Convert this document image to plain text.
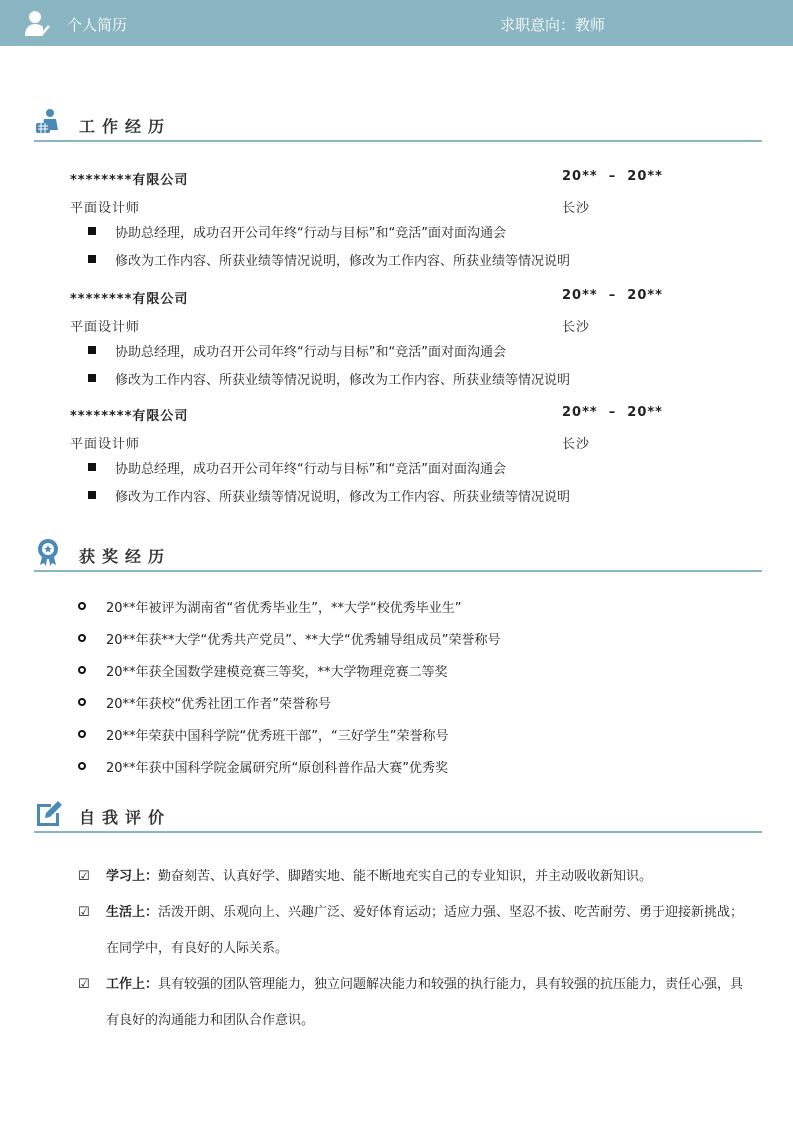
个人简历	求职意向：教师
工作经历
********有限公司	20**  –  20**
平面设计师	长沙
协助总经理，成功召开公司年终“行动与目标”和“竞活”面对面沟通会
修改为工作内容、所获业绩等情况说明，修改为工作内容、所获业绩等情况说明
********有限公司	20**  –  20**
平面设计师	长沙
协助总经理，成功召开公司年终“行动与目标”和“竞活”面对面沟通会
修改为工作内容、所获业绩等情况说明，修改为工作内容、所获业绩等情况说明
********有限公司	20**  –  20**
平面设计师	长沙
协助总经理，成功召开公司年终“行动与目标”和“竞活”面对面沟通会
修改为工作内容、所获业绩等情况说明，修改为工作内容、所获业绩等情况说明
获奖经历
20**年被评为湖南省“省优秀毕业生”，**大学“校优秀毕业生”
20**年获**大学“优秀共产党员”、**大学“优秀辅导组成员”荣誉称号
20**年获全国数学建模竞赛三等奖，**大学物理竞赛二等奖
20**年获校“优秀社团工作者”荣誉称号
20**年荣获中国科学院“优秀班干部”，“三好学生”荣誉称号
20**年获中国科学院金属研究所“原创科普作品大赛”优秀奖
自我评价
☑	学习上：勤奋刻苦、认真好学、脚踏实地、能不断地充实自己的专业知识，并主动吸收新知识。
☑	生活上：活泼开朗、乐观向上、兴趣广泛、爱好体育运动；适应力强、坚忍不拔、吃苦耐劳、勇于迎接新挑战；在同学中，有良好的人际关系。
☑	工作上：具有较强的团队管理能力，独立问题解决能力和较强的执行能力，具有较强的抗压能力，责任心强，具有良好的沟通能力和团队合作意识。
